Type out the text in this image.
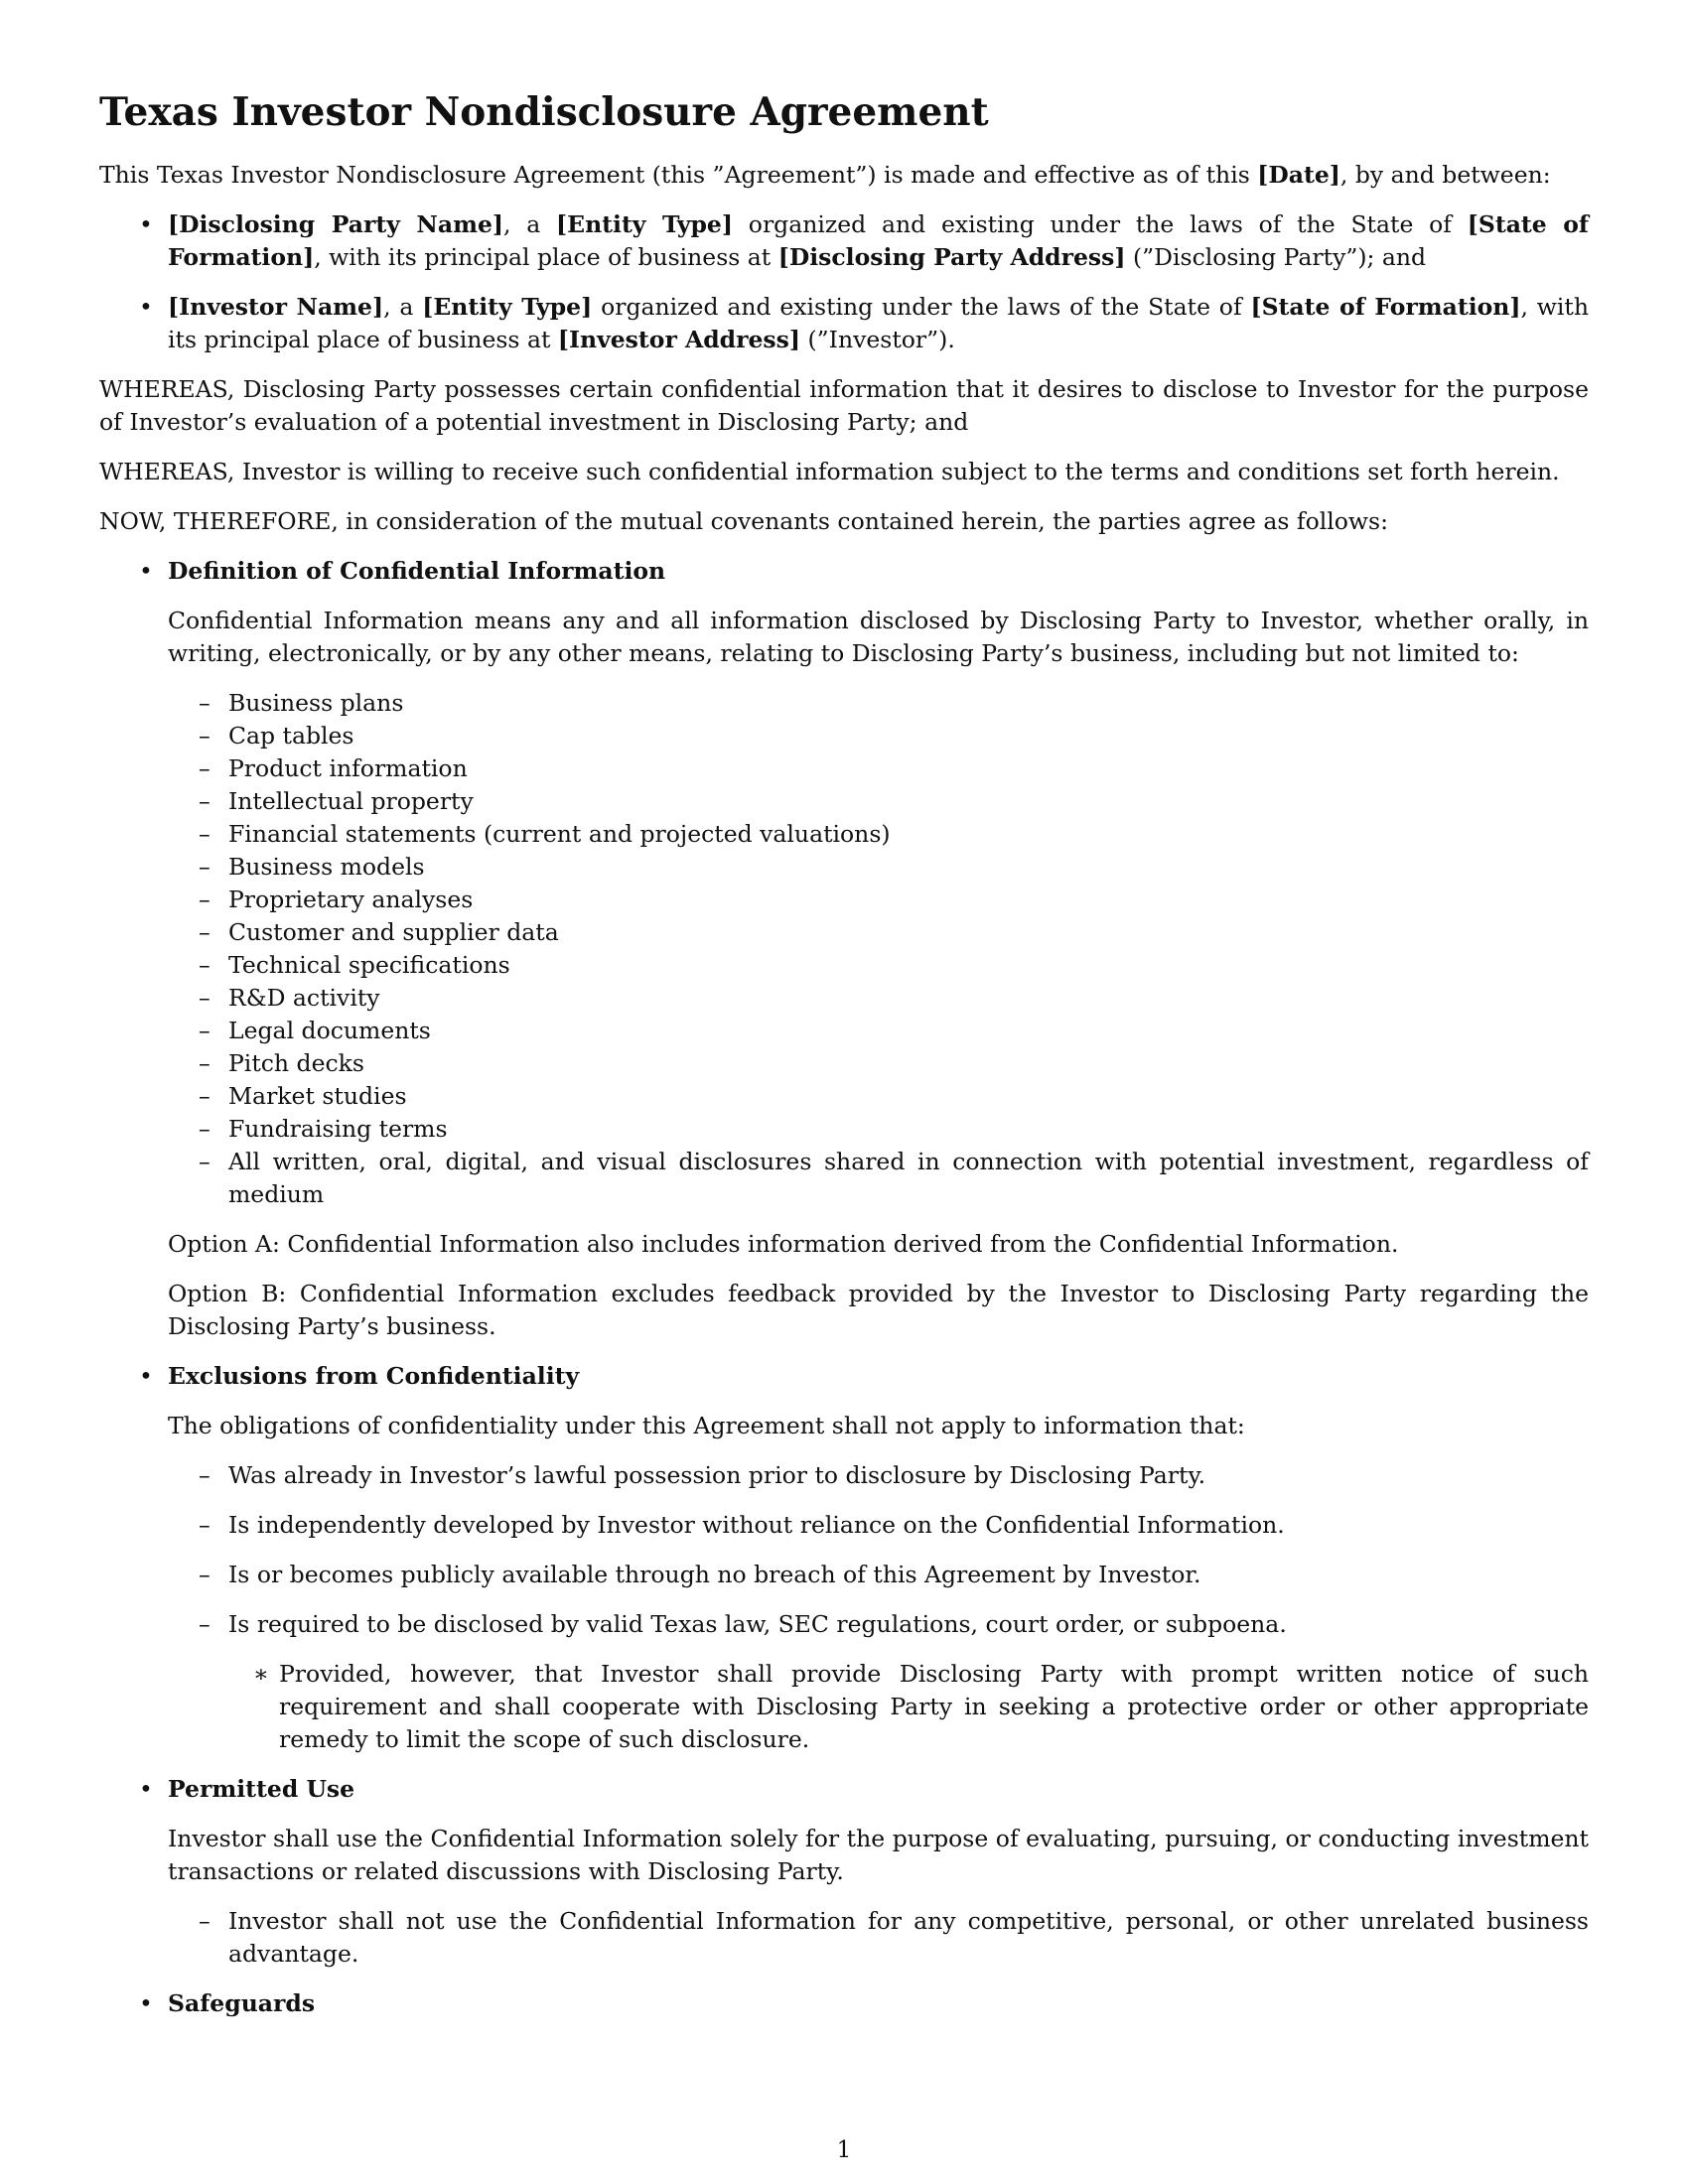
Texas Investor Nondisclosure Agreement

This Texas Investor Nondisclosure Agreement (this ”Agreement”) is made and effective as of this [Date], by and between:

• [Disclosing Party Name], a [Entity Type] organized and existing under the laws of the State of [State of Formation], with its principal place of business at [Disclosing Party Address] (”Disclosing Party”); and
• [Investor Name], a [Entity Type] organized and existing under the laws of the State of [State of Formation], with its principal place of business at [Investor Address] (”Investor”).

WHEREAS, Disclosing Party possesses certain confidential information that it desires to disclose to Investor for the purpose of Investor’s evaluation of a potential investment in Disclosing Party; and

WHEREAS, Investor is willing to receive such confidential information subject to the terms and conditions set forth herein.

NOW, THEREFORE, in consideration of the mutual covenants contained herein, the parties agree as follows:

• Definition of Confidential Information
Confidential Information means any and all information disclosed by Disclosing Party to Investor, whether orally, in writing, electronically, or by any other means, relating to Disclosing Party’s business, including but not limited to:
– Business plans
– Cap tables
– Product information
– Intellectual property
– Financial statements (current and projected valuations)
– Business models
– Proprietary analyses
– Customer and supplier data
– Technical specifications
– R&D activity
– Legal documents
– Pitch decks
– Market studies
– Fundraising terms
– All written, oral, digital, and visual disclosures shared in connection with potential investment, regardless of medium
Option A: Confidential Information also includes information derived from the Confidential Information.
Option B: Confidential Information excludes feedback provided by the Investor to Disclosing Party regarding the Disclosing Party’s business.
• Exclusions from Confidentiality
The obligations of confidentiality under this Agreement shall not apply to information that:
– Was already in Investor’s lawful possession prior to disclosure by Disclosing Party.
– Is independently developed by Investor without reliance on the Confidential Information.
– Is or becomes publicly available through no breach of this Agreement by Investor.
– Is required to be disclosed by valid Texas law, SEC regulations, court order, or subpoena.
∗ Provided, however, that Investor shall provide Disclosing Party with prompt written notice of such requirement and shall cooperate with Disclosing Party in seeking a protective order or other appropriate remedy to limit the scope of such disclosure.
• Permitted Use
Investor shall use the Confidential Information solely for the purpose of evaluating, pursuing, or conducting investment transactions or related discussions with Disclosing Party.
– Investor shall not use the Confidential Information for any competitive, personal, or other unrelated business advantage.
• Safeguards
1
